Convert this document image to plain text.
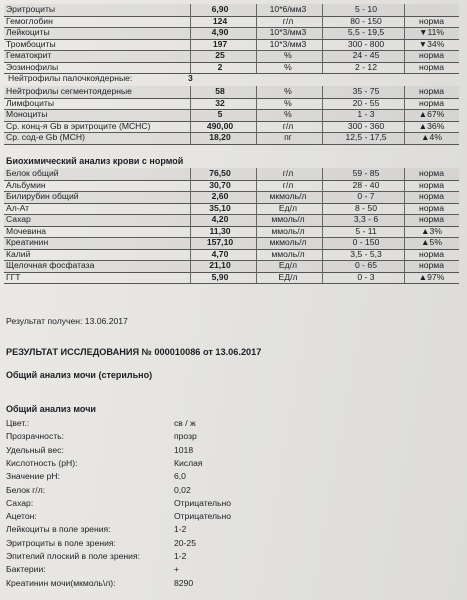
Эритроциты	6,90	10*6/мм3	5 - 10
Гемоглобин	124	г/л	80 - 150	норма
Лейкоциты	4,90	10*3/мм3	5,5 - 19,5	▼11%
Тромбоциты	197	10*3/мм3	300 - 800	▼34%
Гематокрит	25	%	24 - 45	норма
Эозинофилы	2	%	2 - 12	норма
Нейтрофилы палочкоядерные:	3
Нейтрофилы сегментоядерные	58	%	35 - 75	норма
Лимфоциты	32	%	20 - 55	норма
Моноциты	5	%	1 - 3	▲67%
Ср. конц-я Gb в эритроците (МСНС)	490,00	г/л	300 - 360	▲36%
Ср. сод-е Gb (МСН)	18,20	пг	12,5 - 17,5	▲4%
Биохимический анализ крови с нормой
Белок общий	76,50	г/л	59 - 85	норма
Альбумин	30,70	г/л	28 - 40	норма
Билирубин общий	2,60	мкмоль/л	0 - 7	норма
Ал-Ат	35,10	Ед/л	8 - 50	норма
Сахар	4,20	ммоль/л	3,3 - 6	норма
Мочевина	11,30	ммоль/л	5 - 11	▲3%
Креатинин	157,10	мкмоль/л	0 - 150	▲5%
Калий	4,70	ммоль/л	3,5 - 5,3	норма
Щелочная фосфатаза	21,10	Ед/л	0 - 65	норма
ГГТ	5,90	ЕД/л	0 - 3	▲97%
Результат получен: 13.06.2017
РЕЗУЛЬТАТ ИССЛЕДОВАНИЯ № 000010086 от 13.06.2017
Общий анализ мочи (стерильно)
Общий анализ мочи
Цвет.:	св / ж
Прозрачность:	прозр
Удельный вес:	1018
Кислотность (рН):	Кислая
Значение рН:	6,0
Белок г/л:	0,02
Сахар:	Отрицательно
Ацетон:	Отрицательно
Лейкоциты в поле зрения:	1-2
Эритроциты в поле зрения:	20-25
Эпителий плоский в поле зрения:	1-2
Бактерии:	+
Креатинин мочи(мкмоль\л):	8290
